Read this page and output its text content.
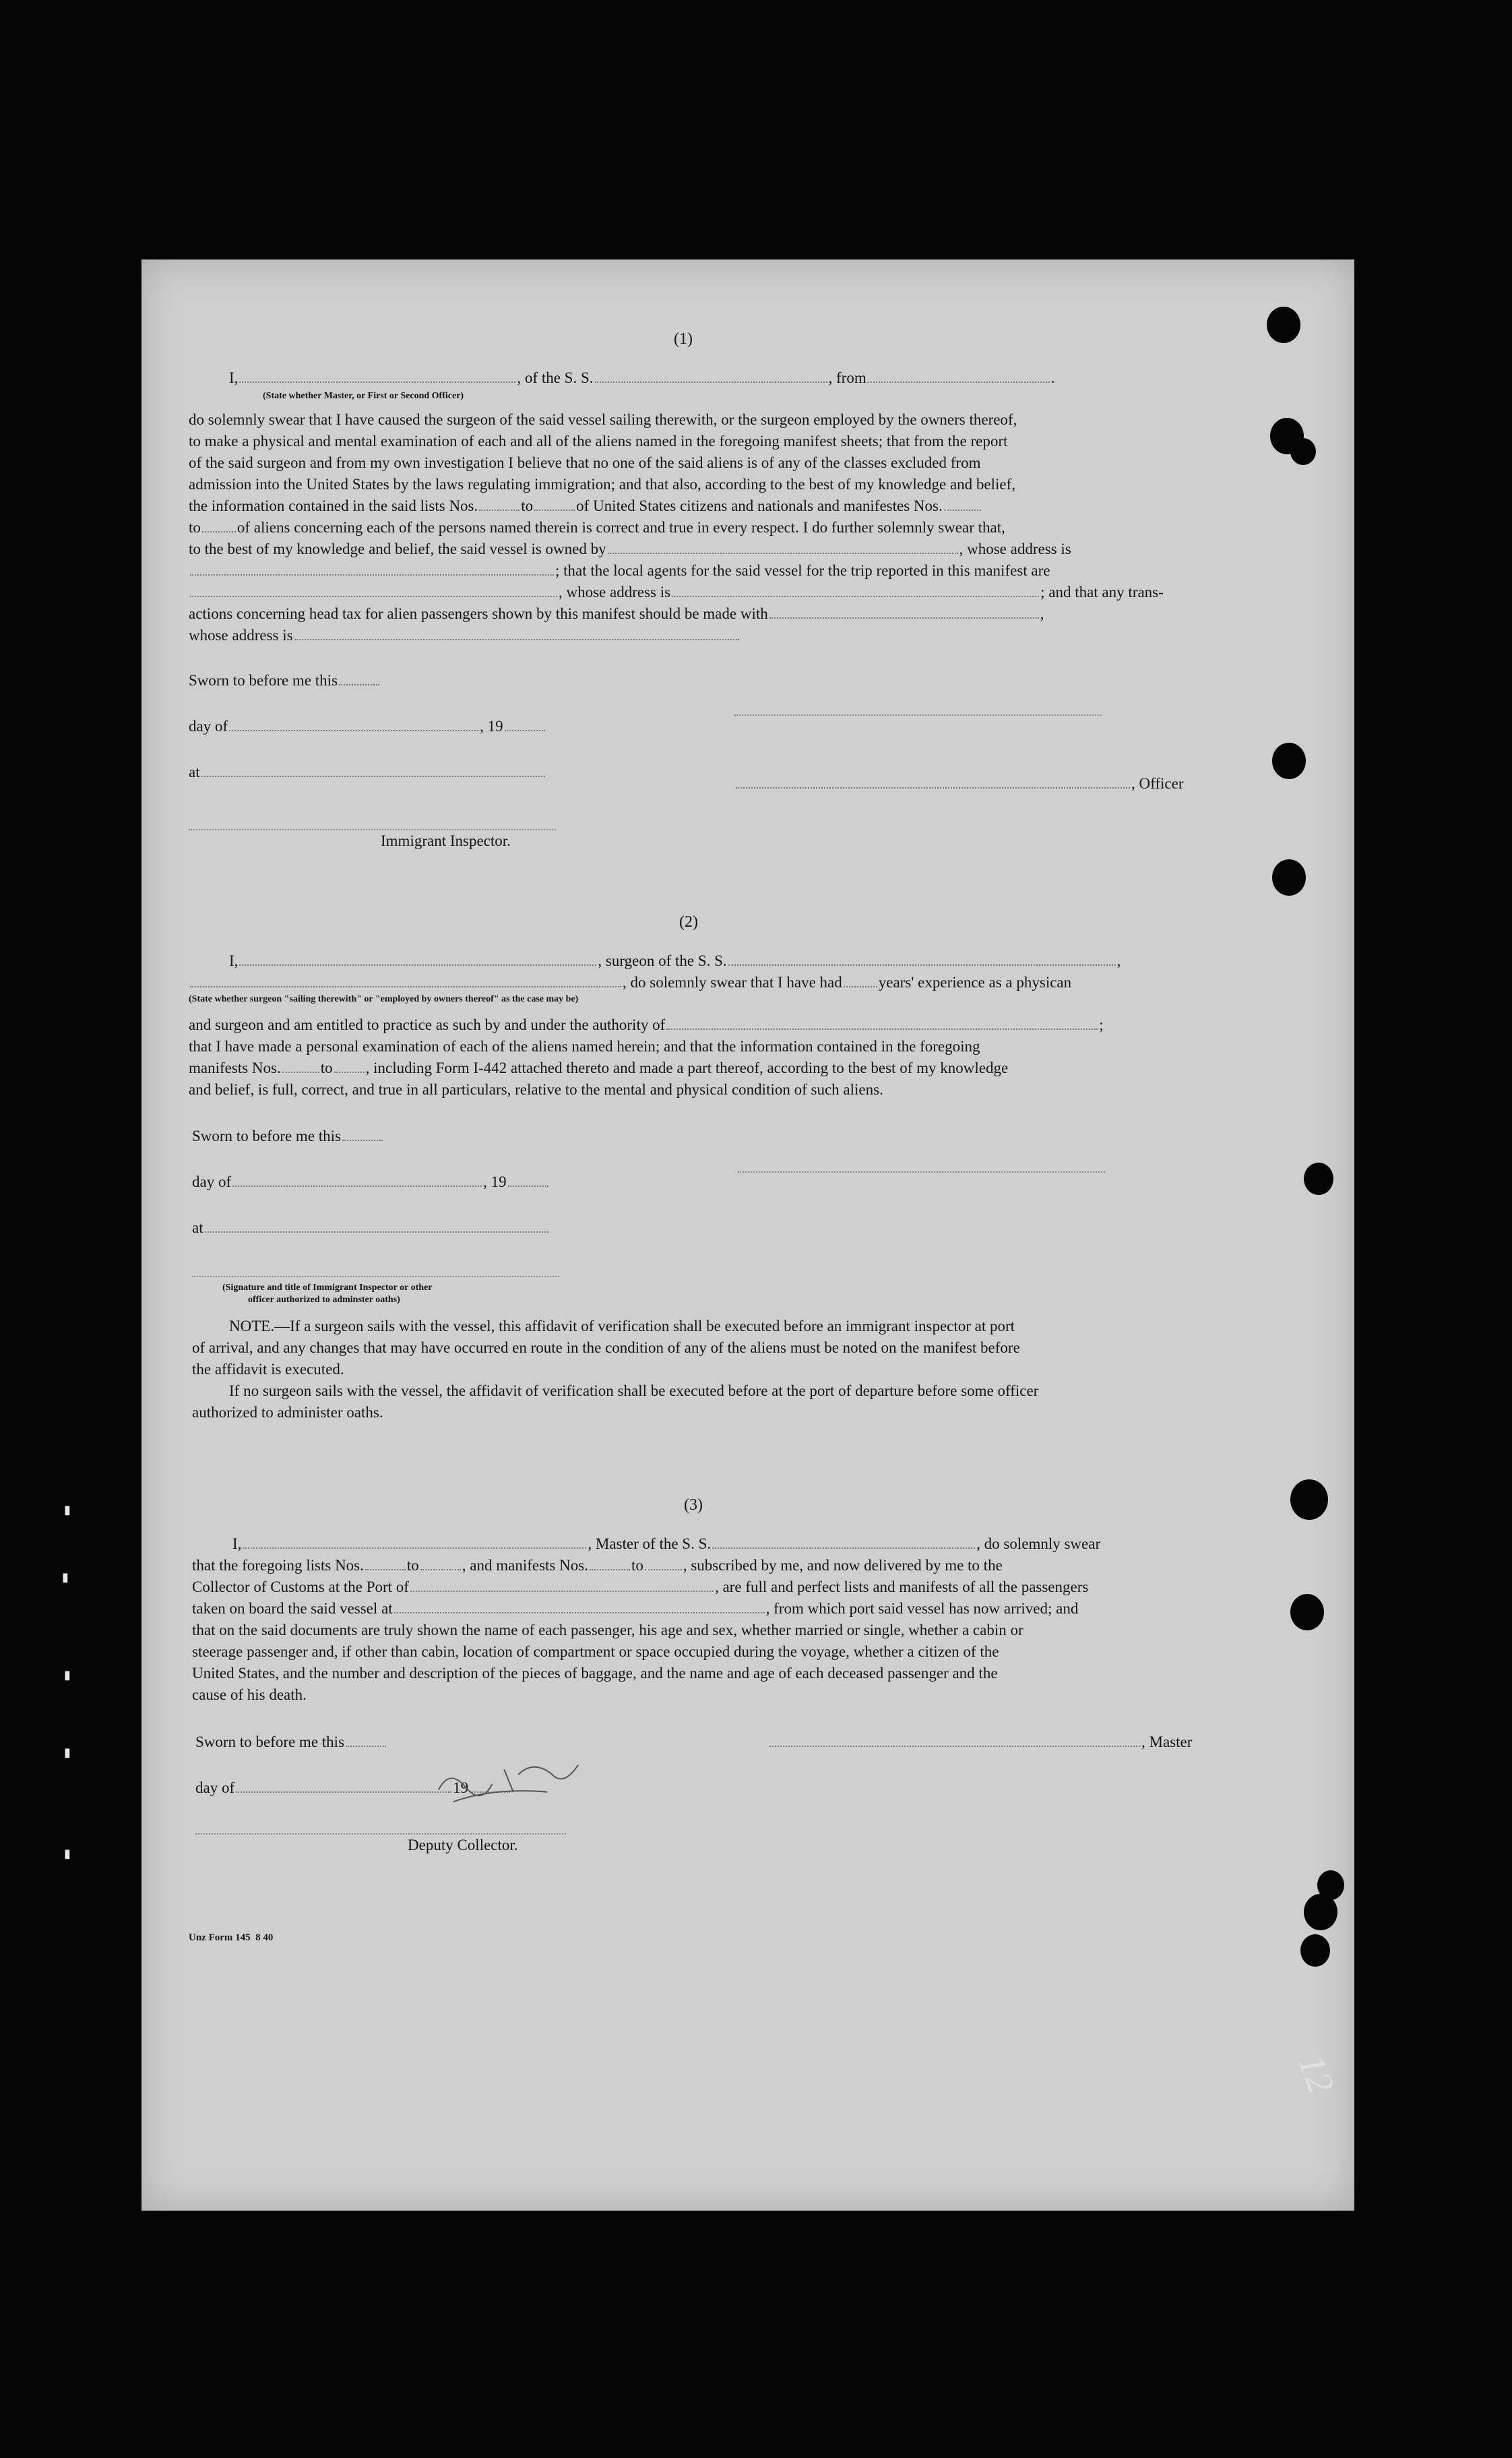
(1)
I,	, of the S. S.	, from	.
(State whether Master, or First or Second Officer)
do solemnly swear that I have caused the surgeon of the said vessel sailing therewith, or the surgeon employed by the owners thereof,
to make a physical and mental examination of each and all of the aliens named in the foregoing manifest sheets; that from the report
of the said surgeon and from my own investigation I believe that no one of the said aliens is of any of the classes excluded from
admission into the United States by the laws regulating immigration; and that also, according to the best of my knowledge and belief,
the information contained in the said lists Nos.	to	of United States citizens and nationals and manifestes Nos.
to of aliens concerning each of the persons named therein is correct and true in every respect. I do further solemnly swear that,
to the best of my knowledge and belief, the said vessel is owned by	, whose address is
; that the local agents for the said vessel for the trip reported in this manifest are
, whose address is	; and that any trans-
actions concerning head tax for alien passengers shown by this manifest should be made with	,
whose address is
Sworn to before me this
day of	, 19
at
, Officer
Immigrant Inspector.
(2)
I,	, surgeon of the S. S.	,
, do solemnly swear that I have had years' experience as a physican
(State whether surgeon "sailing therewith" or "employed by owners thereof" as the case may be)
and surgeon and am entitled to practice as such by and under the authority of	;
that I have made a personal examination of each of the aliens named herein; and that the information contained in the foregoing
manifests Nos.	to , including Form I-442 attached thereto and made a part thereof, according to the best of my knowledge
and belief, is full, correct, and true in all particulars, relative to the mental and physical condition of such aliens.
Sworn to before me this
day of	, 19
at
(Signature and title of Immigrant Inspector or other
officer authorized to adminster oaths)
NOTE.—If a surgeon sails with the vessel, this affidavit of verification shall be executed before an immigrant inspector at port
of arrival, and any changes that may have occurred en route in the condition of any of the aliens must be noted on the manifest before
the affidavit is executed.
If no surgeon sails with the vessel, the affidavit of verification shall be executed before at the port of departure before some officer
authorized to administer oaths.
(3)
I,	, Master of the S. S.	, do solemnly swear
that the foregoing lists Nos.	to	, and manifests Nos.	to	, subscribed by me, and now delivered by me to the
Collector of Customs at the Port of	, are full and perfect lists and manifests of all the passengers
taken on board the said vessel at	, from which port said vessel has now arrived; and
that on the said documents are truly shown the name of each passenger, his age and sex, whether married or single, whether a cabin or
steerage passenger and, if other than cabin, location of compartment or space occupied during the voyage, whether a citizen of the
United States, and the number and description of the pieces of baggage, and the name and age of each deceased passenger and the
cause of his death.
Sworn to before me this	, Master
day of	19
Deputy Collector.
Unz Form 145 8 40
12
▮
▮
▮
▮
▮
